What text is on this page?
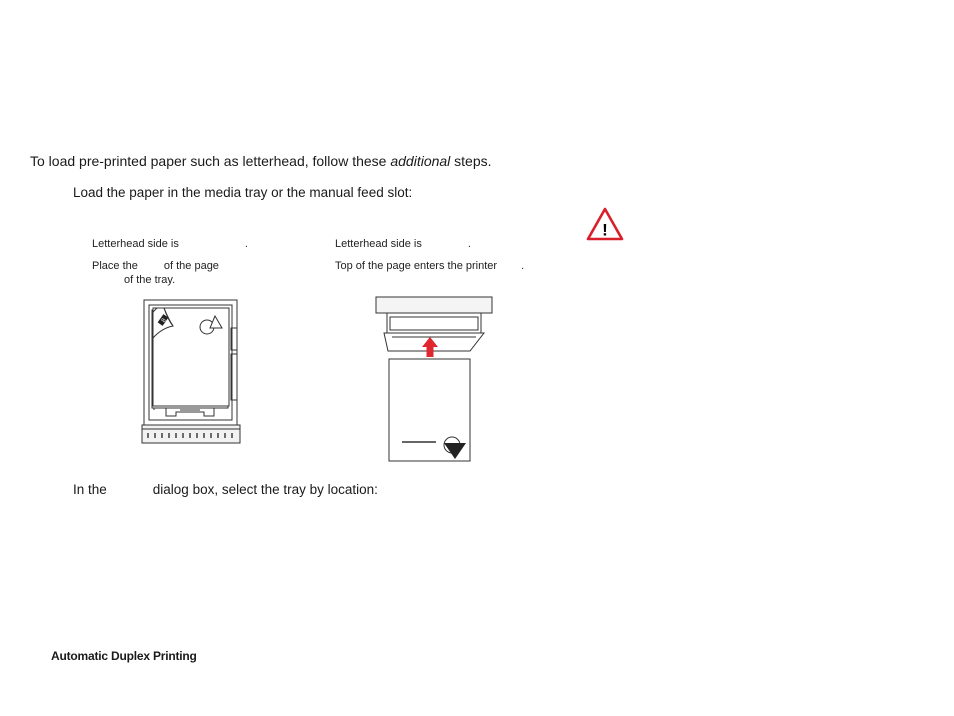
To load pre-printed paper such as letterhead, follow these additional steps.
Load the paper in the media tray or the manual feed slot:
!
Letterhead side is	.
Place the of the page
of the tray.
Letterhead side is	.
Top of the page enters the printer .
8
In the	dialog box, select the tray by location:
Automatic Duplex Printing
